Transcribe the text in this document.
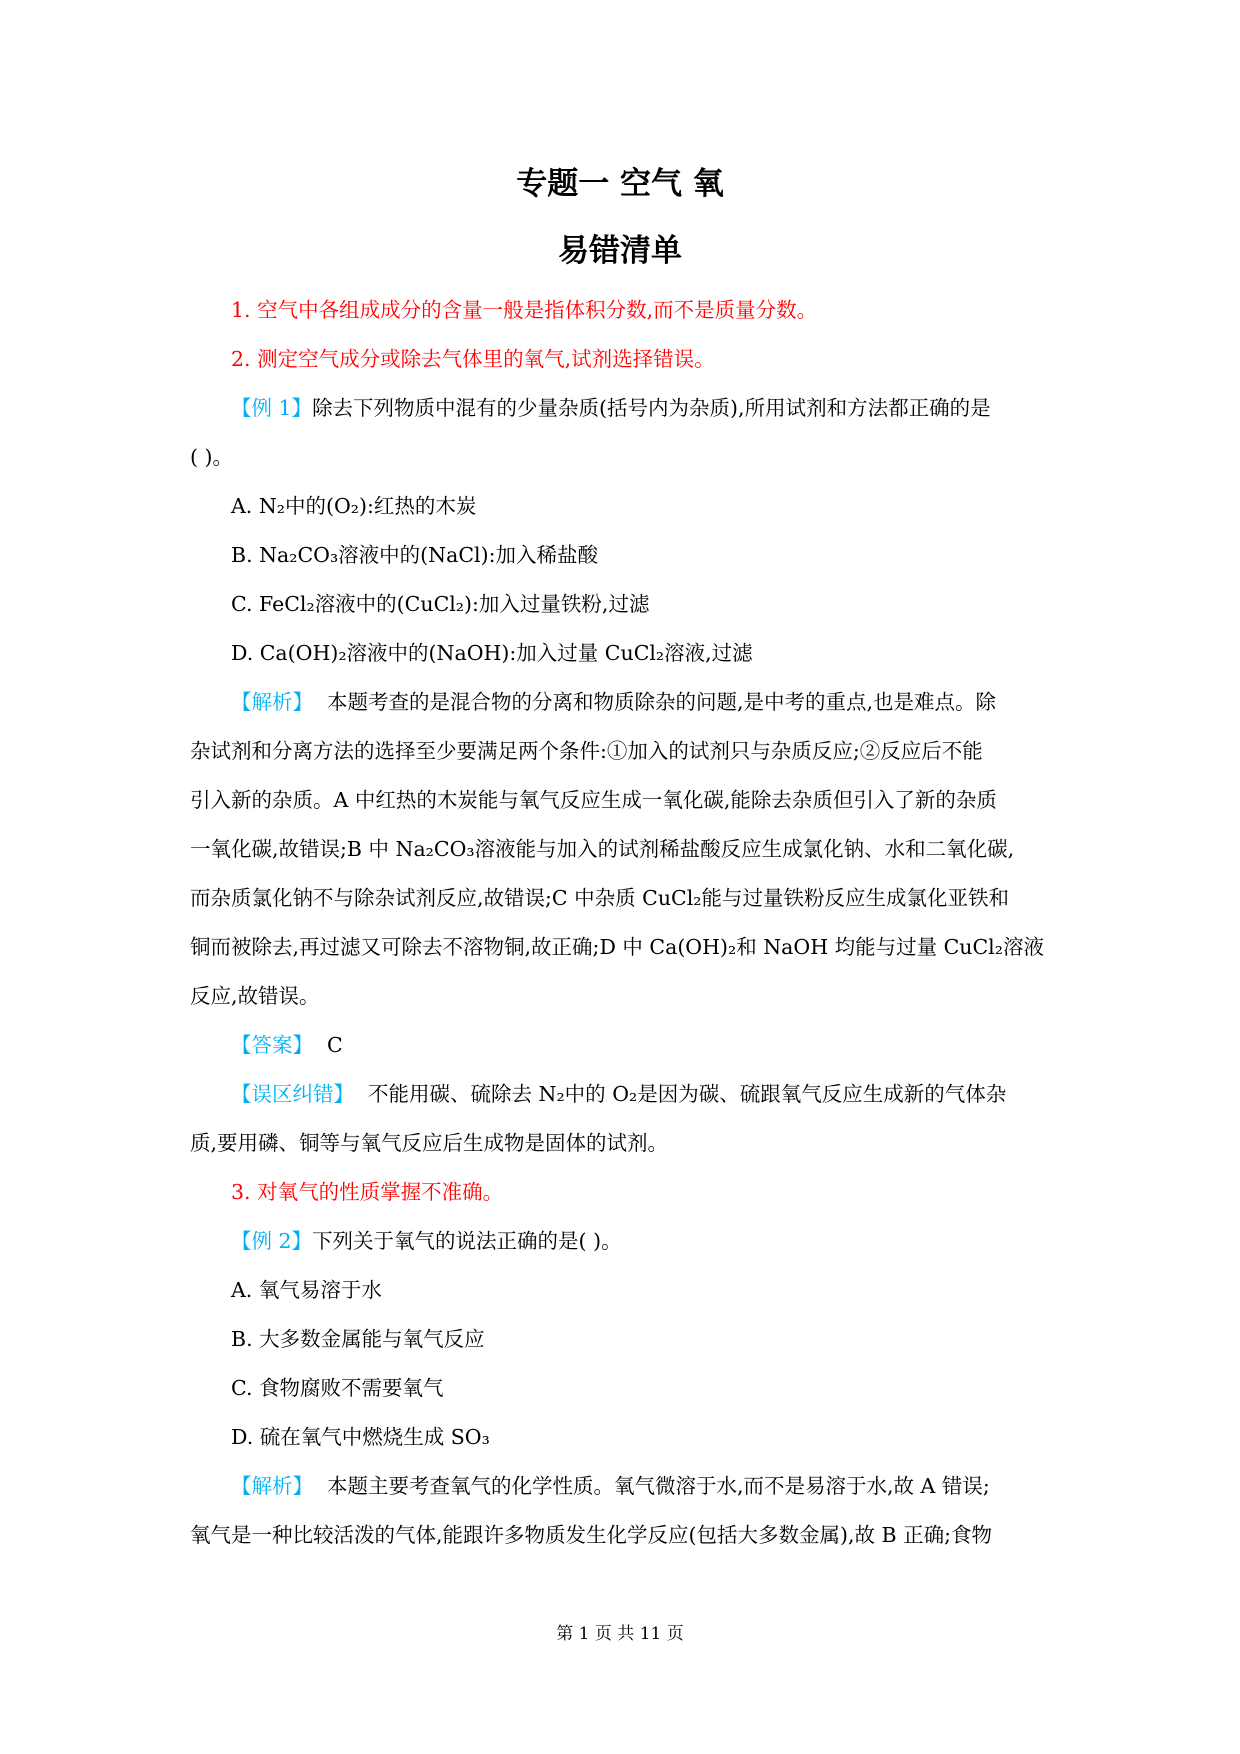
专题一 空气 氧
易错清单
1. 空气中各组成成分的含量一般是指体积分数,而不是质量分数。
2. 测定空气成分或除去气体里的氧气,试剂选择错误。
【例 1】除去下列物质中混有的少量杂质(括号内为杂质),所用试剂和方法都正确的是
( )。
A. N₂中的(O₂):红热的木炭
B. Na₂CO₃溶液中的(NaCl):加入稀盐酸
C. FeCl₂溶液中的(CuCl₂):加入过量铁粉,过滤
D. Ca(OH)₂溶液中的(NaOH):加入过量 CuCl₂溶液,过滤
【解析】 本题考查的是混合物的分离和物质除杂的问题,是中考的重点,也是难点。除
杂试剂和分离方法的选择至少要满足两个条件:①加入的试剂只与杂质反应;②反应后不能
引入新的杂质。A 中红热的木炭能与氧气反应生成一氧化碳,能除去杂质但引入了新的杂质
一氧化碳,故错误;B 中 Na₂CO₃溶液能与加入的试剂稀盐酸反应生成氯化钠、水和二氧化碳,
而杂质氯化钠不与除杂试剂反应,故错误;C 中杂质 CuCl₂能与过量铁粉反应生成氯化亚铁和
铜而被除去,再过滤又可除去不溶物铜,故正确;D 中 Ca(OH)₂和 NaOH 均能与过量 CuCl₂溶液
反应,故错误。
【答案】 C
【误区纠错】 不能用碳、硫除去 N₂中的 O₂是因为碳、硫跟氧气反应生成新的气体杂
质,要用磷、铜等与氧气反应后生成物是固体的试剂。
3. 对氧气的性质掌握不准确。
【例 2】下列关于氧气的说法正确的是( )。
A. 氧气易溶于水
B. 大多数金属能与氧气反应
C. 食物腐败不需要氧气
D. 硫在氧气中燃烧生成 SO₃
【解析】 本题主要考查氧气的化学性质。氧气微溶于水,而不是易溶于水,故 A 错误;
氧气是一种比较活泼的气体,能跟许多物质发生化学反应(包括大多数金属),故 B 正确;食物
第 1 页 共 11 页
